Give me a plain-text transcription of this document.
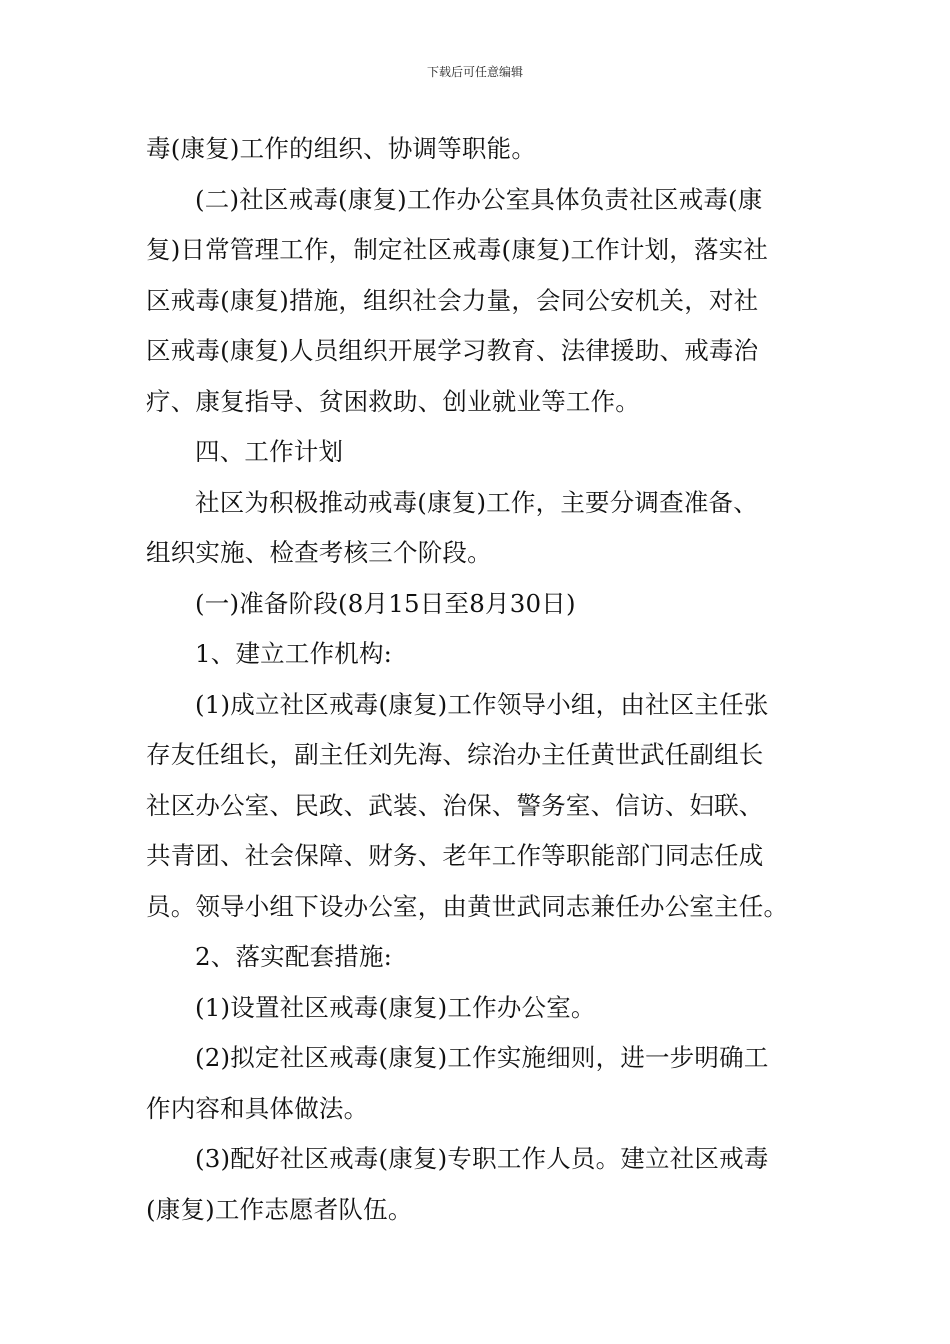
下载后可任意编辑
毒(康复)工作的组织、协调等职能。
(二)社区戒毒(康复)工作办公室具体负责社区戒毒(康
复)日常管理工作，制定社区戒毒(康复)工作计划，落实社
区戒毒(康复)措施，组织社会力量，会同公安机关，对社
区戒毒(康复)人员组织开展学习教育、法律援助、戒毒治
疗、康复指导、贫困救助、创业就业等工作。
四、工作计划
社区为积极推动戒毒(康复)工作，主要分调查准备、
组织实施、检查考核三个阶段。
(一)准备阶段(8月15日至8月30日)
1、建立工作机构:
(1)成立社区戒毒(康复)工作领导小组，由社区主任张
存友任组长，副主任刘先海、综治办主任黄世武任副组长
社区办公室、民政、武装、治保、警务室、信访、妇联、
共青团、社会保障、财务、老年工作等职能部门同志任成
员。领导小组下设办公室，由黄世武同志兼任办公室主任。
2、落实配套措施:
(1)设置社区戒毒(康复)工作办公室。
(2)拟定社区戒毒(康复)工作实施细则，进一步明确工
作内容和具体做法。
(3)配好社区戒毒(康复)专职工作人员。建立社区戒毒
(康复)工作志愿者队伍。
